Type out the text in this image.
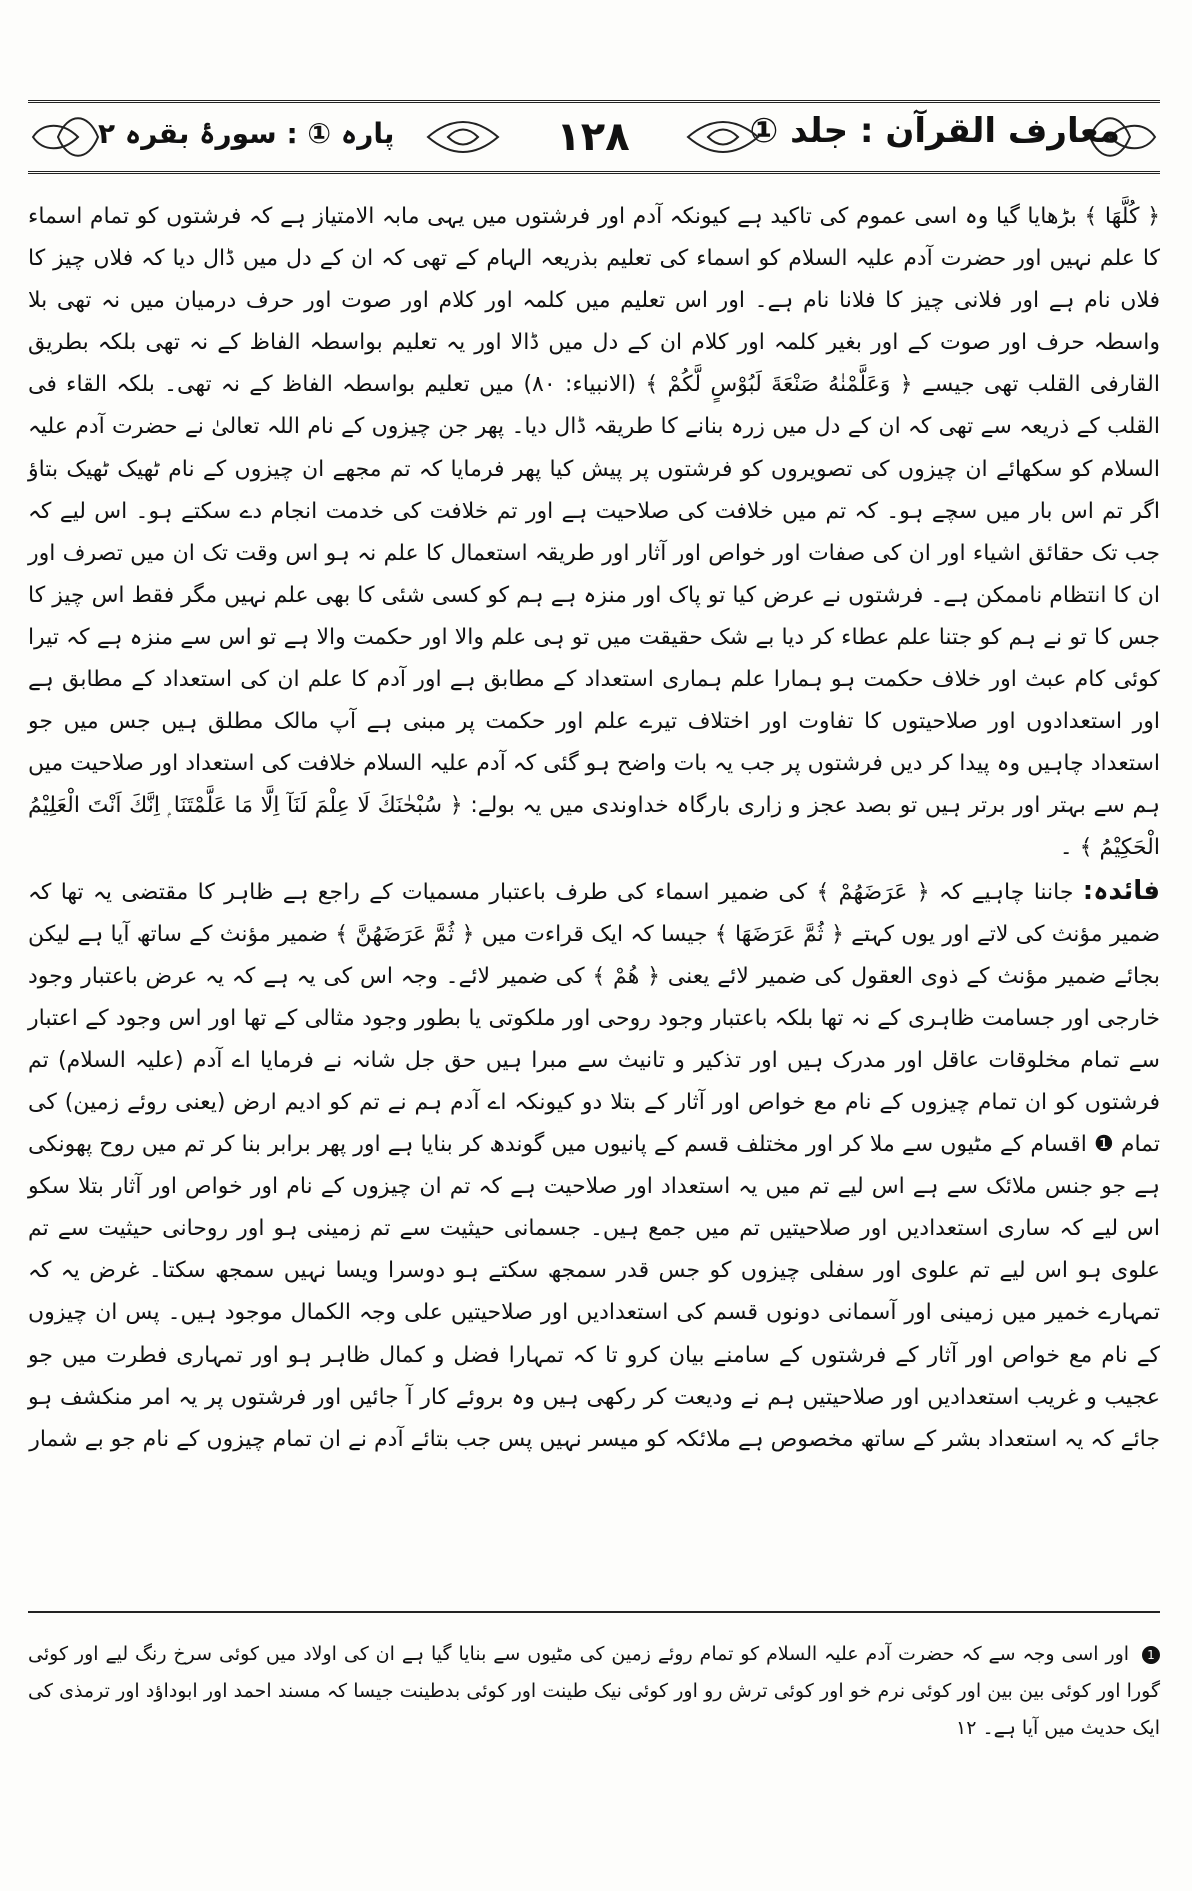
معارف القرآن : جلد ①
۱۲۸
پارہ ① : سورۂ بقرہ ۲

﴿ كُلَّهَا ﴾ بڑھایا گیا وہ اسی عموم کی تاکید ہے کیونکہ آدم اور فرشتوں میں یہی مابہ الامتیاز ہے کہ فرشتوں کو تمام اسماء کا علم نہیں اور حضرت آدم علیہ السلام کو اسماء کی تعلیم بذریعہ الہام کے تھی کہ ان کے دل میں ڈال دیا کہ فلاں چیز کا فلاں نام ہے اور فلانی چیز کا فلانا نام ہے۔ اور اس تعلیم میں کلمہ اور کلام اور صوت اور حرف درمیان میں نہ تھی بلا واسطہ حرف اور صوت کے اور بغیر کلمہ اور کلام ان کے دل میں ڈالا اور یہ تعلیم بواسطہ الفاظ کے نہ تھی بلکہ بطریق القارفی القلب تھی جیسے ﴿ وَعَلَّمْنٰهُ صَنْعَةَ لَبُوْسٍ لَّكُمْ ﴾ (الانبیاء: ۸۰) میں تعلیم بواسطہ الفاظ کے نہ تھی۔ بلکہ القاء فی القلب کے ذریعہ سے تھی کہ ان کے دل میں زرہ بنانے کا طریقہ ڈال دیا۔ پھر جن چیزوں کے نام اللہ تعالیٰ نے حضرت آدم علیہ السلام کو سکھائے ان چیزوں کی تصویروں کو فرشتوں پر پیش کیا پھر فرمایا کہ تم مجھے ان چیزوں کے نام ٹھیک ٹھیک بتاؤ اگر تم اس بار میں سچے ہو۔ کہ تم میں خلافت کی صلاحیت ہے اور تم خلافت کی خدمت انجام دے سکتے ہو۔ اس لیے کہ جب تک حقائق اشیاء اور ان کی صفات اور خواص اور آثار اور طریقہ استعمال کا علم نہ ہو اس وقت تک ان میں تصرف اور ان کا انتظام ناممکن ہے۔ فرشتوں نے عرض کیا تو پاک اور منزہ ہے ہم کو کسی شئی کا بھی علم نہیں مگر فقط اس چیز کا جس کا تو نے ہم کو جتنا علم عطاء کر دیا بے شک حقیقت میں تو ہی علم والا اور حکمت والا ہے تو اس سے منزہ ہے کہ تیرا کوئی کام عبث اور خلاف حکمت ہو ہمارا علم ہماری استعداد کے مطابق ہے اور آدم کا علم ان کی استعداد کے مطابق ہے اور استعدادوں اور صلاحیتوں کا تفاوت اور اختلاف تیرے علم اور حکمت پر مبنی ہے آپ مالک مطلق ہیں جس میں جو استعداد چاہیں وہ پیدا کر دیں فرشتوں پر جب یہ بات واضح ہو گئی کہ آدم علیہ السلام خلافت کی استعداد اور صلاحیت میں ہم سے بہتر اور برتر ہیں تو بصد عجز و زاری بارگاہ خداوندی میں یہ بولے: ﴿ سُبْحٰنَكَ لَا عِلْمَ لَنَآ اِلَّا مَا عَلَّمْتَنَا ۭ اِنَّكَ اَنْتَ الْعَلِيْمُ الْحَكِيْمُ ﴾ ۔

فائدہ: جاننا چاہیے کہ ﴿ عَرَضَهُمْ ﴾ کی ضمیر اسماء کی طرف باعتبار مسمیات کے راجع ہے ظاہر کا مقتضی یہ تھا کہ ضمیر مؤنث کی لاتے اور یوں کہتے ﴿ ثُمَّ عَرَضَهَا ﴾ جیسا کہ ایک قراءت میں ﴿ ثُمَّ عَرَضَهُنَّ ﴾ ضمیر مؤنث کے ساتھ آیا ہے لیکن بجائے ضمیر مؤنث کے ذوی العقول کی ضمیر لائے یعنی ﴿ هُمْ ﴾ کی ضمیر لائے۔ وجہ اس کی یہ ہے کہ یہ عرض باعتبار وجود خارجی اور جسامت ظاہری کے نہ تھا بلکہ باعتبار وجود روحی اور ملکوتی یا بطور وجود مثالی کے تھا اور اس وجود کے اعتبار سے تمام مخلوقات عاقل اور مدرک ہیں اور تذکیر و تانیث سے مبرا ہیں حق جل شانہ نے فرمایا اے آدم (علیہ السلام) تم فرشتوں کو ان تمام چیزوں کے نام مع خواص اور آثار کے بتلا دو کیونکہ اے آدم ہم نے تم کو ادیم ارض (یعنی روئے زمین) کی تمام ❶ اقسام کے مٹیوں سے ملا کر اور مختلف قسم کے پانیوں میں گوندھ کر بنایا ہے اور پھر برابر بنا کر تم میں روح پھونکی ہے جو جنس ملائک سے ہے اس لیے تم میں یہ استعداد اور صلاحیت ہے کہ تم ان چیزوں کے نام اور خواص اور آثار بتلا سکو اس لیے کہ ساری استعدادیں اور صلاحیتیں تم میں جمع ہیں۔ جسمانی حیثیت سے تم زمینی ہو اور روحانی حیثیت سے تم علوی ہو اس لیے تم علوی اور سفلی چیزوں کو جس قدر سمجھ سکتے ہو دوسرا ویسا نہیں سمجھ سکتا۔ غرض یہ کہ تمہارے خمیر میں زمینی اور آسمانی دونوں قسم کی استعدادیں اور صلاحیتیں علی وجہ الکمال موجود ہیں۔ پس ان چیزوں کے نام مع خواص اور آثار کے فرشتوں کے سامنے بیان کرو تا کہ تمہارا فضل و کمال ظاہر ہو اور تمہاری فطرت میں جو عجیب و غریب استعدادیں اور صلاحیتیں ہم نے ودیعت کر رکھی ہیں وہ بروئے کار آ جائیں اور فرشتوں پر یہ امر منکشف ہو جائے کہ یہ استعداد بشر کے ساتھ مخصوص ہے ملائکہ کو میسر نہیں پس جب بتائے آدم نے ان تمام چیزوں کے نام جو بے شمار

1 اور اسی وجہ سے کہ حضرت آدم علیہ السلام کو تمام روئے زمین کی مٹیوں سے بنایا گیا ہے ان کی اولاد میں کوئی سرخ رنگ لیے اور کوئی گورا اور کوئی بین بین اور کوئی نرم خو اور کوئی ترش رو اور کوئی نیک طینت اور کوئی بدطینت جیسا کہ مسند احمد اور ابوداؤد اور ترمذی کی ایک حدیث میں آیا ہے۔ ۱۲
